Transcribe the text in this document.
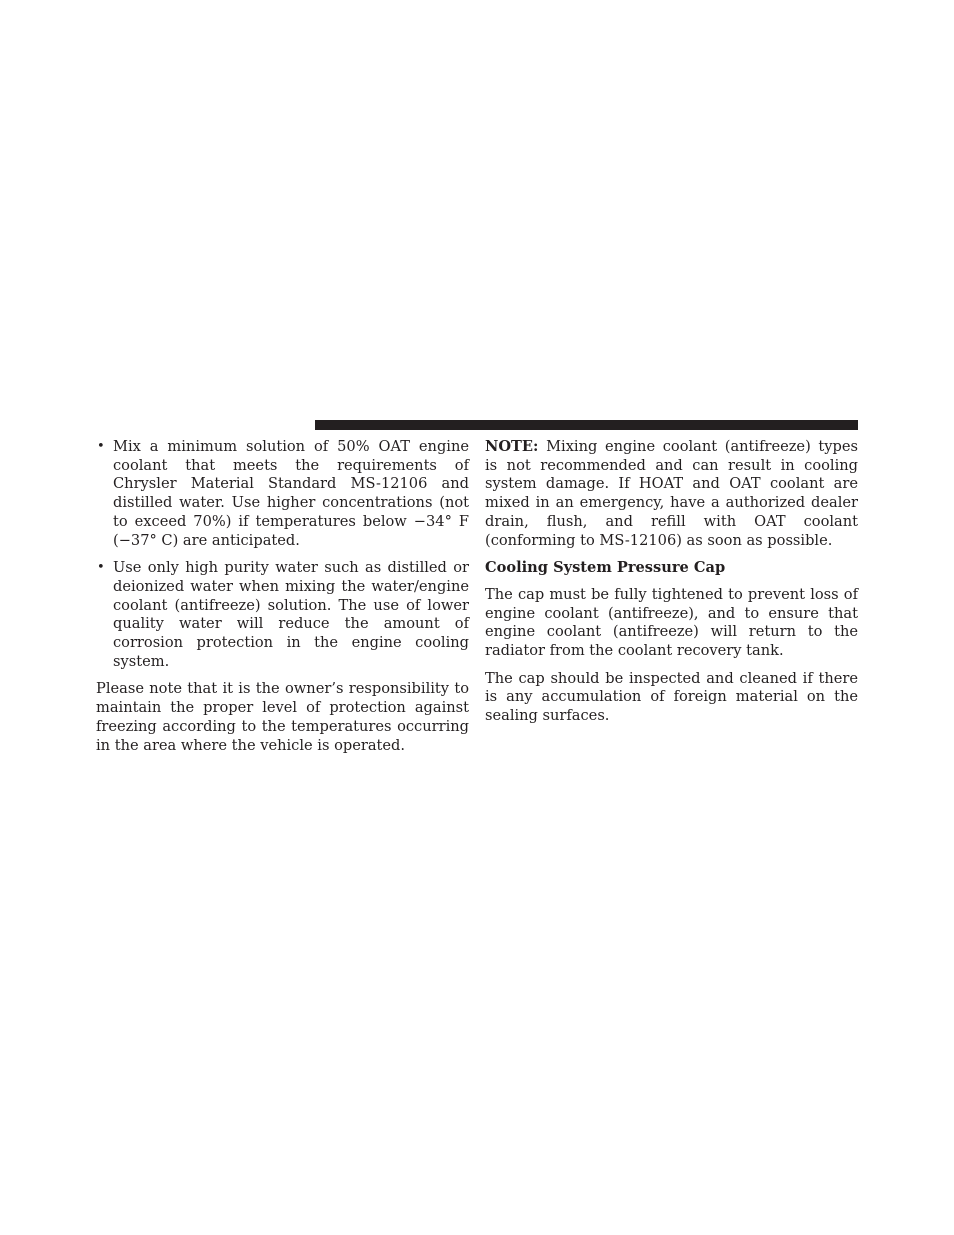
• Mix a minimum solution of 50% OAT engine coolant that meets the requirements of Chrysler Material Standard MS-12106 and distilled water. Use higher concentrations (not to exceed 70%) if temperatures below −34° F (−37° C) are anticipated.
• Use only high purity water such as distilled or deionized water when mixing the water/engine coolant (antifreeze) solution. The use of lower quality water will reduce the amount of corrosion protection in the engine cooling system.

Please note that it is the owner’s responsibility to maintain the proper level of protection against freezing according to the temperatures occurring in the area where the vehicle is operated.

NOTE: Mixing engine coolant (antifreeze) types is not recommended and can result in cooling system damage. If HOAT and OAT coolant are mixed in an emergency, have a authorized dealer drain, flush, and refill with OAT coolant (conforming to MS-12106) as soon as possible.

Cooling System Pressure Cap

The cap must be fully tightened to prevent loss of engine coolant (antifreeze), and to ensure that engine coolant (antifreeze) will return to the radiator from the coolant recovery tank.

The cap should be inspected and cleaned if there is any accumulation of foreign material on the sealing surfaces.
